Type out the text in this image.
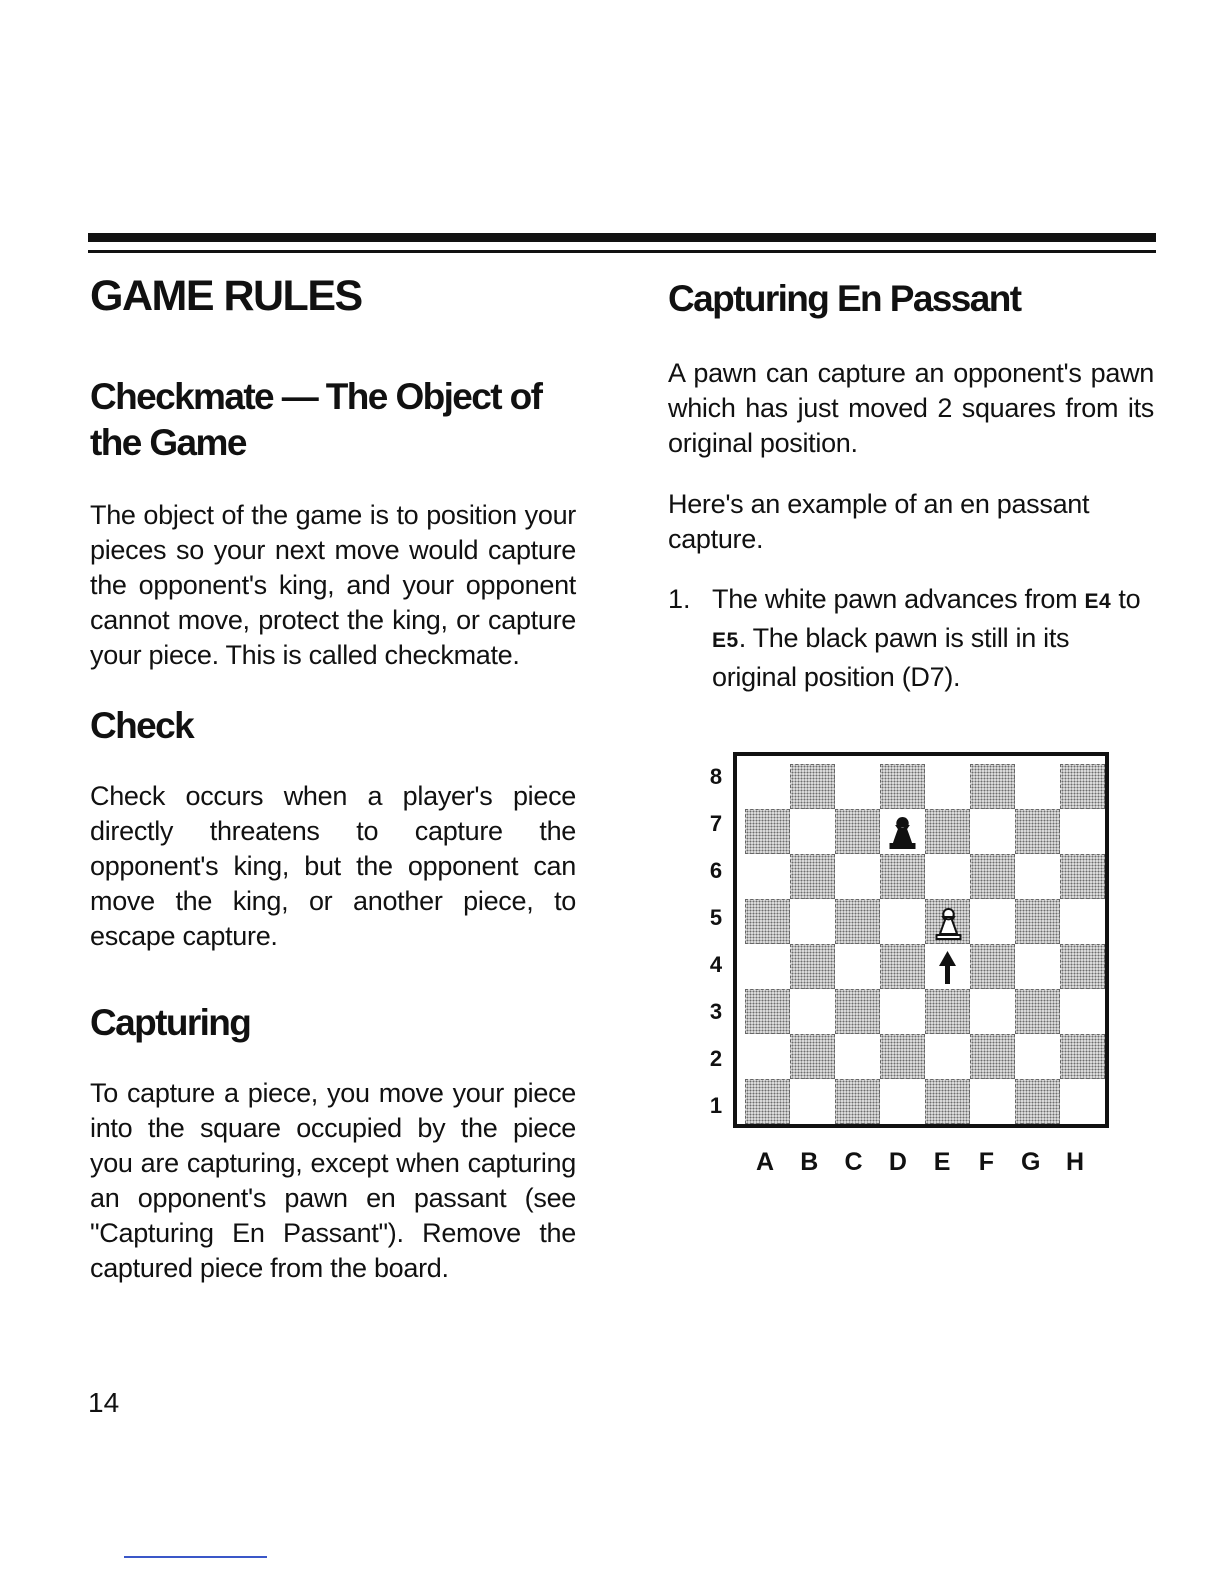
GAME RULES
Checkmate — The Object of the Game

The object of the game is to position your pieces so your next move would capture the opponent's king, and your opponent cannot move, protect the king, or capture your piece. This is called checkmate.

Check

Check occurs when a player's piece directly threatens to capture the opponent's king, but the opponent can move the king, or another piece, to escape capture.

Capturing

To capture a piece, you move your piece into the square occupied by the piece you are capturing, except when capturing an opponent's pawn en passant (see "Capturing En Passant"). Remove the captured piece from the board.

Capturing En Passant

A pawn can capture an opponent's pawn which has just moved 2 squares from its original position.

Here's an example of an en passant capture.

1. The white pawn advances from E4 to E5. The black pawn is still in its original position (D7).
8
7
6
5
4
3
2
1
A B C D E F G H
14
